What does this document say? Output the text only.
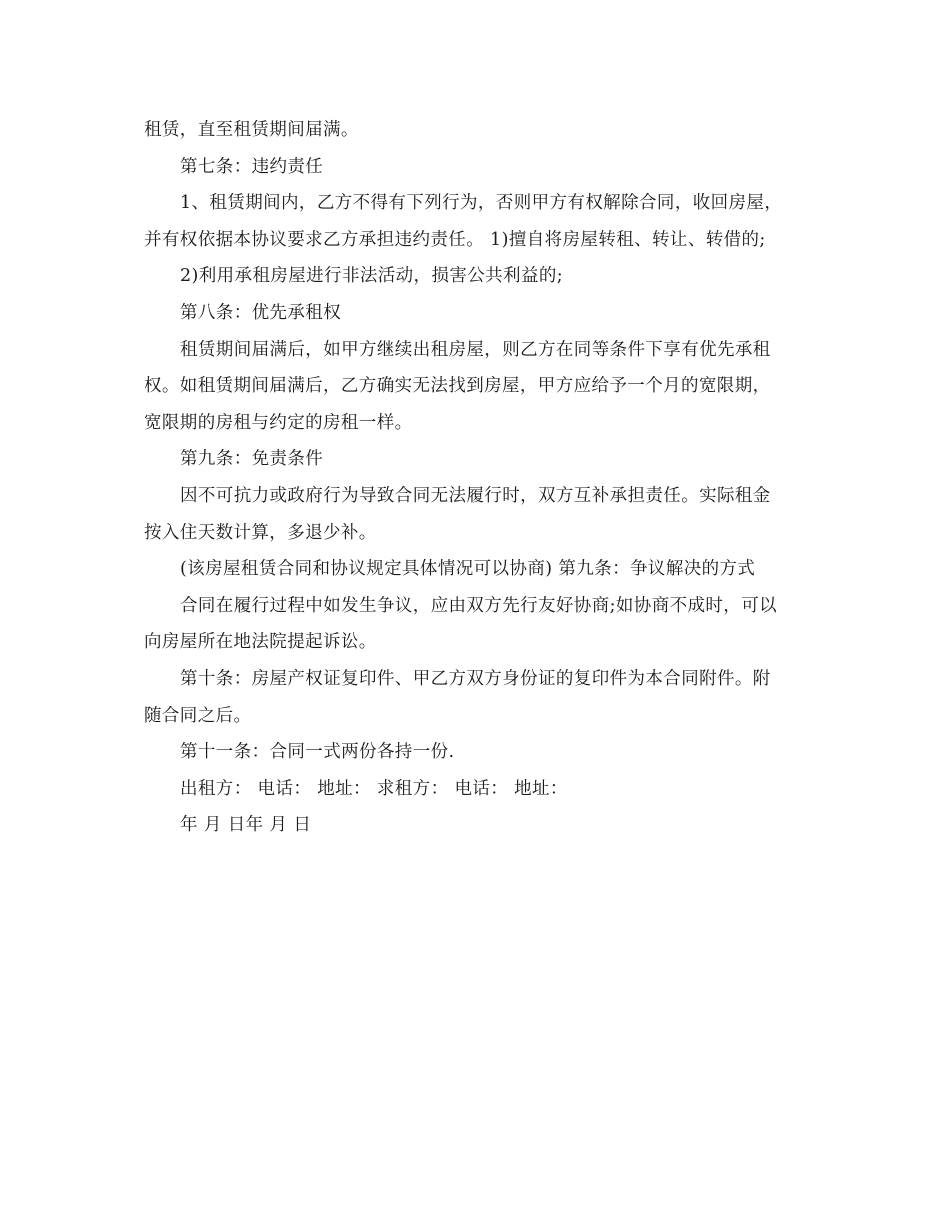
租赁，直至租赁期间届满。
第七条：违约责任
1、租赁期间内，乙方不得有下列行为，否则甲方有权解除合同，收回房屋，
并有权依据本协议要求乙方承担违约责任。 1)擅自将房屋转租、转让、转借的;
2)利用承租房屋进行非法活动，损害公共利益的;
第八条：优先承租权
租赁期间届满后，如甲方继续出租房屋，则乙方在同等条件下享有优先承租
权。如租赁期间届满后，乙方确实无法找到房屋，甲方应给予一个月的宽限期，
宽限期的房租与约定的房租一样。
第九条：免责条件
因不可抗力或政府行为导致合同无法履行时，双方互补承担责任。实际租金
按入住天数计算，多退少补。
(该房屋租赁合同和协议规定具体情况可以协商) 第九条：争议解决的方式
合同在履行过程中如发生争议，应由双方先行友好协商;如协商不成时，可以
向房屋所在地法院提起诉讼。
第十条：房屋产权证复印件、甲乙方双方身份证的复印件为本合同附件。附
随合同之后。
第十一条：合同一式两份各持一份.
出租方： 电话： 地址： 求租方： 电话： 地址：
年 月 日年 月 日
